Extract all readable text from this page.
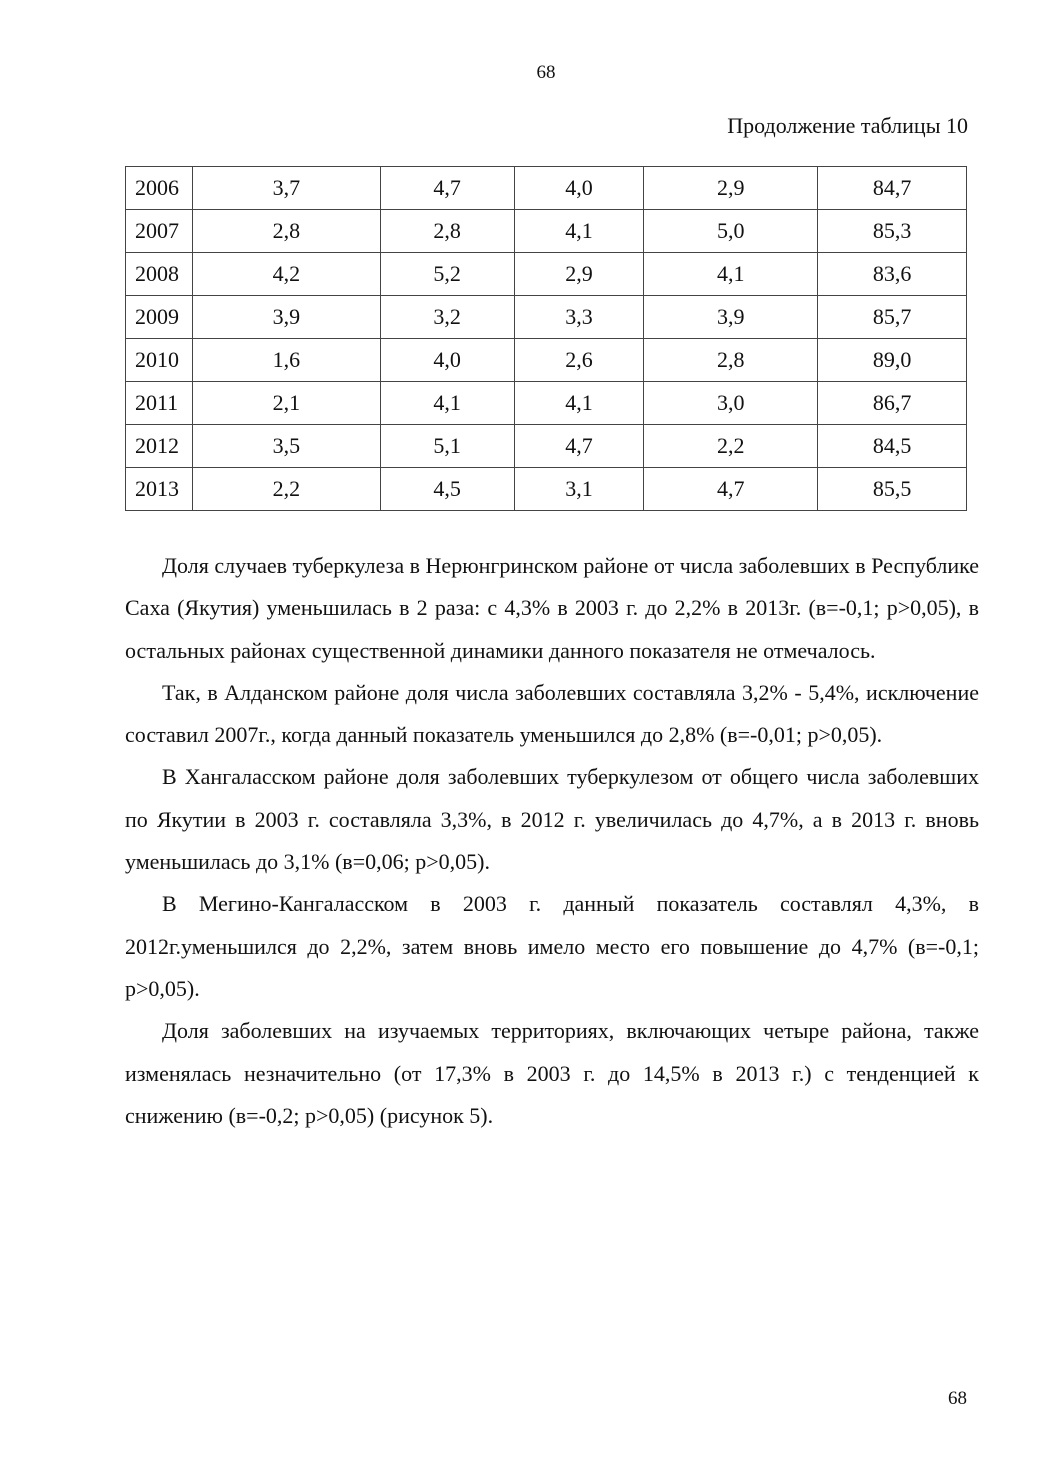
68
Продолжение таблицы 10
2006	3,7	4,7	4,0	2,9	84,7
2007	2,8	2,8	4,1	5,0	85,3
2008	4,2	5,2	2,9	4,1	83,6
2009	3,9	3,2	3,3	3,9	85,7
2010	1,6	4,0	2,6	2,8	89,0
2011	2,1	4,1	4,1	3,0	86,7
2012	3,5	5,1	4,7	2,2	84,5
2013	2,2	4,5	3,1	4,7	85,5

Доля случаев туберкулеза в Нерюнгринском районе от числа заболевших в Республике Саха (Якутия) уменьшилась в 2 раза: с 4,3% в 2003 г. до 2,2% в 2013г. (в=-0,1; р>0,05), в остальных районах существенной динамики данного показателя не отмечалось.

Так, в Алданском районе доля числа заболевших составляла 3,2% - 5,4%, исключение составил 2007г., когда данный показатель уменьшился до 2,8% (в=-0,01; р>0,05).

В Хангаласском районе доля заболевших туберкулезом от общего числа заболевших по Якутии в 2003 г. составляла 3,3%, в 2012 г. увеличилась до 4,7%, а в 2013 г. вновь уменьшилась до 3,1% (в=0,06; р>0,05).

В Мегино-Кангаласском в 2003 г. данный показатель составлял 4,3%, в 2012г.уменьшился до 2,2%, затем вновь имело место его повышение до 4,7% (в=-0,1; р>0,05).

Доля заболевших на изучаемых территориях, включающих четыре района, также изменялась незначительно (от 17,3% в 2003 г. до 14,5% в 2013 г.) с тенденцией к снижению (в=-0,2; р>0,05) (рисунок 5).

68
